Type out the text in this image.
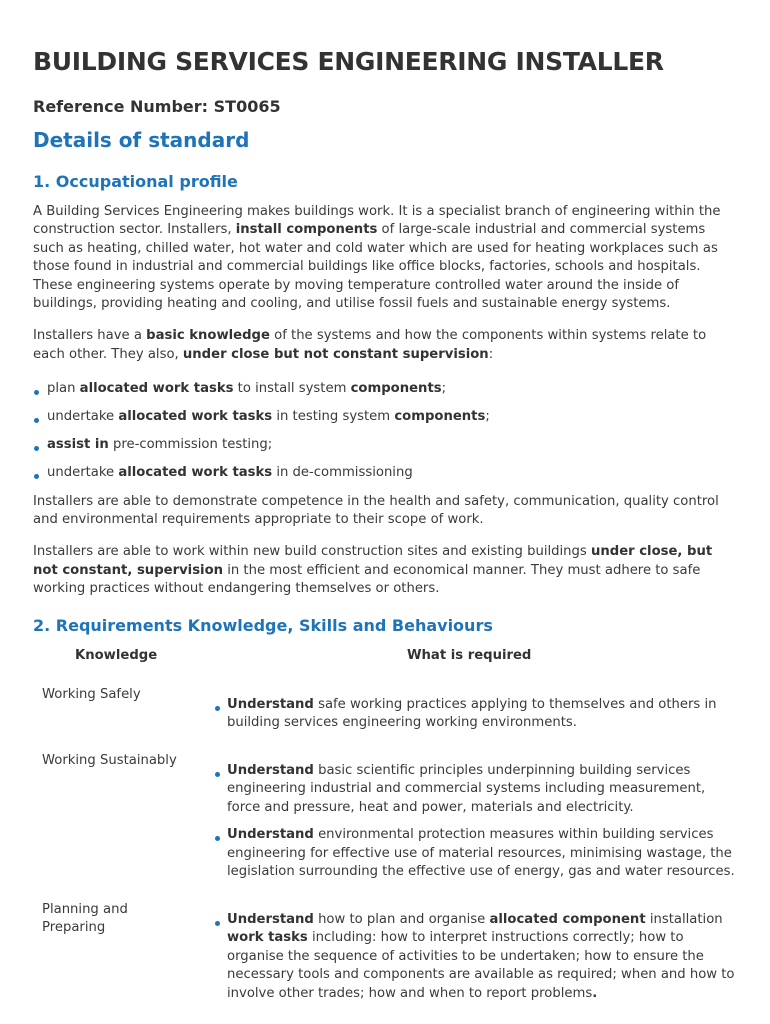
BUILDING SERVICES ENGINEERING INSTALLER
Reference Number: ST0065
Details of standard
1. Occupational profile

A Building Services Engineering makes buildings work. It is a specialist branch of engineering within the construction sector. Installers, install components of large-scale industrial and commercial systems such as heating, chilled water, hot water and cold water which are used for heating workplaces such as those found in industrial and commercial buildings like office blocks, factories, schools and hospitals. These engineering systems operate by moving temperature controlled water around the inside of buildings, providing heating and cooling, and utilise fossil fuels and sustainable energy systems.

Installers have a basic knowledge of the systems and how the components within systems relate to each other. They also, under close but not constant supervision:

plan allocated work tasks to install system components;
undertake allocated work tasks in testing system components;
assist in pre-commission testing;
undertake allocated work tasks in de-commissioning

Installers are able to demonstrate competence in the health and safety, communication, quality control and environmental requirements appropriate to their scope of work.

Installers are able to work within new build construction sites and existing buildings under close, but not constant, supervision in the most efficient and economical manner. They must adhere to safe working practices without endangering themselves or others.

2. Requirements Knowledge, Skills and Behaviours
Knowledge	What is required
Working Safely
Understand safe working practices applying to themselves and others in building services engineering working environments.
Working Sustainably
Understand basic scientific principles underpinning building services engineering industrial and commercial systems including measurement, force and pressure, heat and power, materials and electricity.
Understand environmental protection measures within building services engineering for effective use of material resources, minimising wastage, the legislation surrounding the effective use of energy, gas and water resources.
Planning and Preparing
Understand how to plan and organise allocated component installation work tasks including: how to interpret instructions correctly; how to organise the sequence of activities to be undertaken; how to ensure the necessary tools and components are available as required; when and how to involve other trades; how and when to report problems.
